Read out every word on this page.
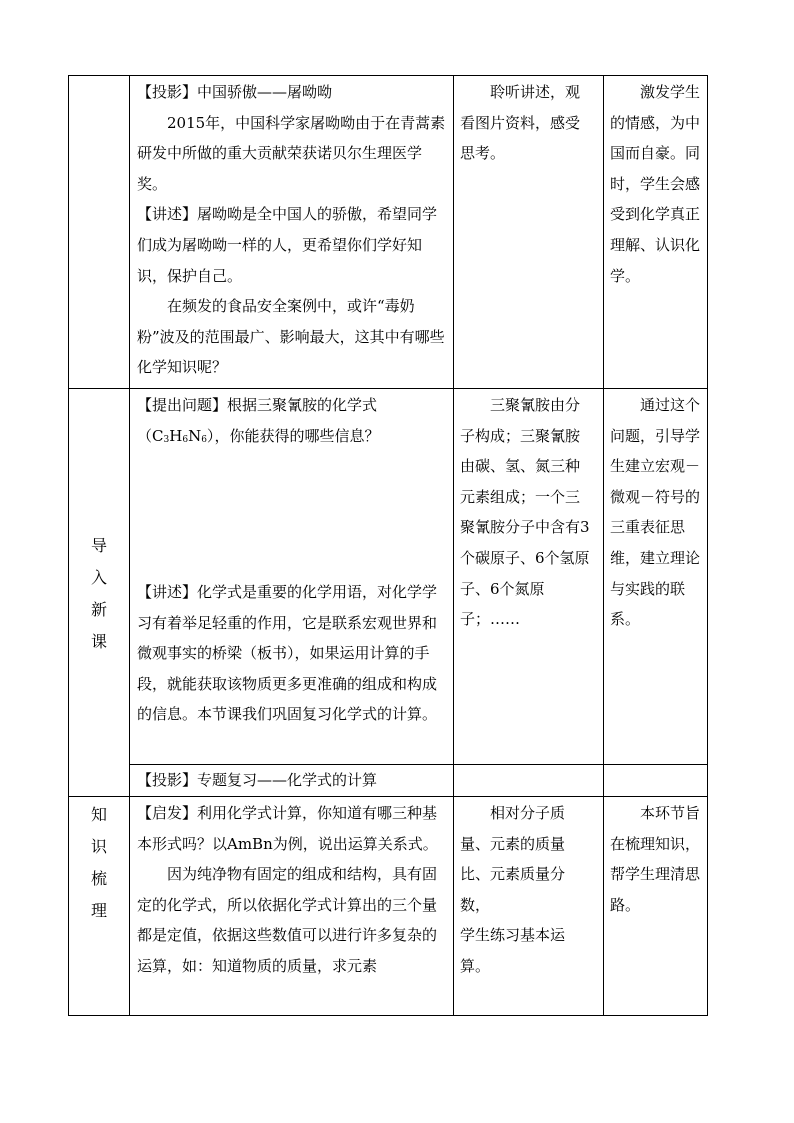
【投影】中国骄傲——屠呦呦

2015年，中国科学家屠呦呦由于在青蒿素研发中所做的重大贡献荣获诺贝尔生理医学奖。

【讲述】屠呦呦是全中国人的骄傲，希望同学们成为屠呦呦一样的人，更希望你们学好知识，保护自己。

在频发的食品安全案例中，或许“毒奶粉”波及的范围最广、影响最大，这其中有哪些化学知识呢？

聆听讲述，观看图片资料，感受思考。
激发学生的情感，为中国而自豪。同时，学生会感受到化学真正理解、认识化学。
导
入
新
课

【提出问题】根据三聚氰胺的化学式（C3H6N6），你能获得的哪些信息？

【讲述】化学式是重要的化学用语，对化学学习有着举足轻重的作用，它是联系宏观世界和微观事实的桥梁（板书），如果运用计算的手段，就能获取该物质更多更准确的组成和构成的信息。本节课我们巩固复习化学式的计算。

三聚氰胺由分子构成；三聚氰胺由碳、氢、氮三种元素组成；一个三聚氰胺分子中含有3个碳原子、6个氢原子、6个氮原子；……
通过这个问题，引导学生建立宏观－微观－符号的三重表征思维，建立理论与实践的联系。
【投影】专题复习——化学式的计算
知
识
梳
理

【启发】利用化学式计算，你知道有哪三种基本形式吗？以AmBn为例，说出运算关系式。

因为纯净物有固定的组成和结构，具有固定的化学式，所以依据化学式计算出的三个量都是定值，依据这些数值可以进行许多复杂的运算，如：知道物质的质量，求元素

相对分子质量、元素的质量比、元素质量分数，

学生练习基本运算。

本环节旨在梳理知识，帮学生理清思路。
